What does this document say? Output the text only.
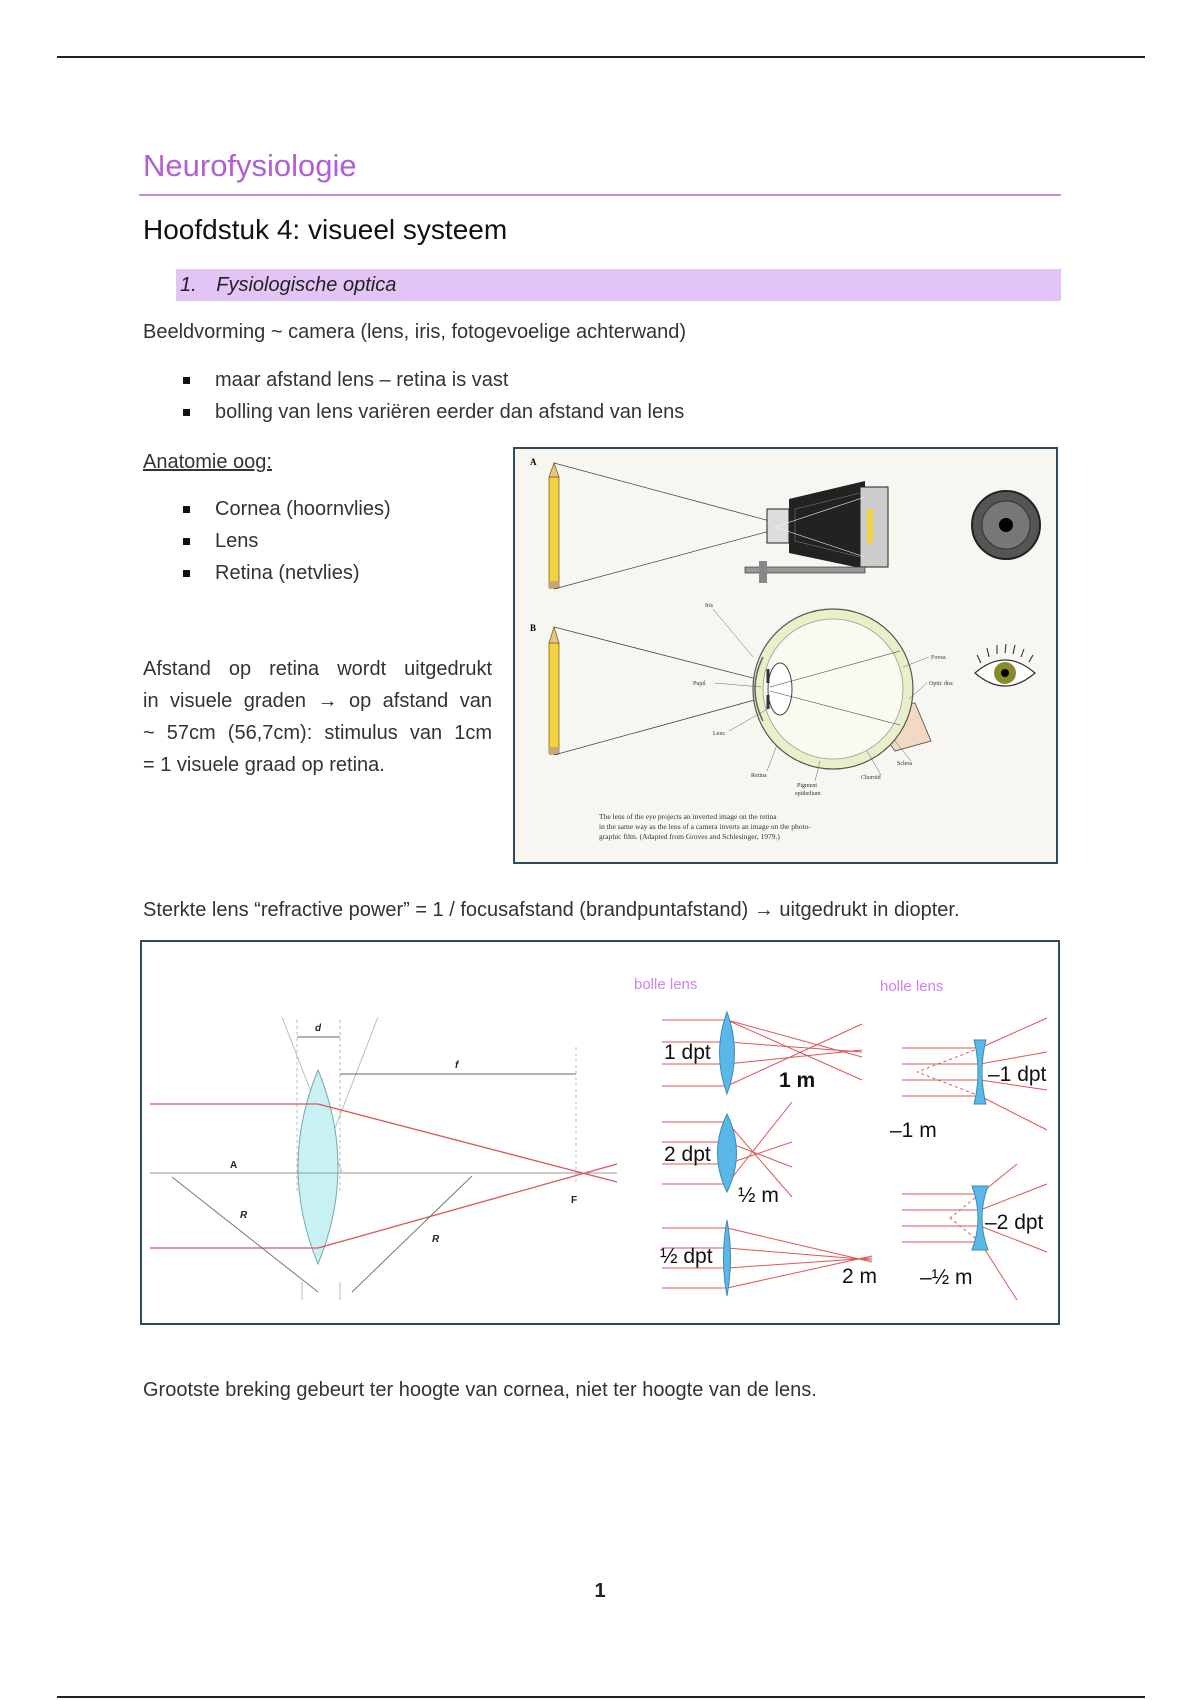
Neurofysiologie
Hoofdstuk 4: visueel systeem
1. Fysiologische optica
Beeldvorming ~ camera (lens, iris, fotogevoelige achterwand)
maar afstand lens – retina is vast
bolling van lens variëren eerder dan afstand van lens
Anatomie oog:
Cornea (hoornvlies)
Lens
Retina (netvlies)
Afstand op retina wordt uitgedrukt
in visuele graden → op afstand van
~ 57cm (56,7cm): stimulus van 1cm
= 1 visuele graad op retina.
A
B
Iris
Pupil
Lens
Retina
Pigment
epithelium
Choroid
Sclera
Fovea
Optic disc
The lens of the eye projects an inverted image on the retina
in the same way as the lens of a camera inverts an image on the photo-
graphic film. (Adapted from Groves and Schlesinger, 1979.)
Sterkte lens “refractive power” = 1 / focusafstand (brandpuntafstand) → uitgedrukt in diopter.
d
f
A
F
R
R
bolle lens	holle lens
1 dpt
1 m
2 dpt
½ m
½ dpt
2 m
–1 dpt
–1 m
–2 dpt
–½ m
Grootste breking gebeurt ter hoogte van cornea, niet ter hoogte van de lens.
1
